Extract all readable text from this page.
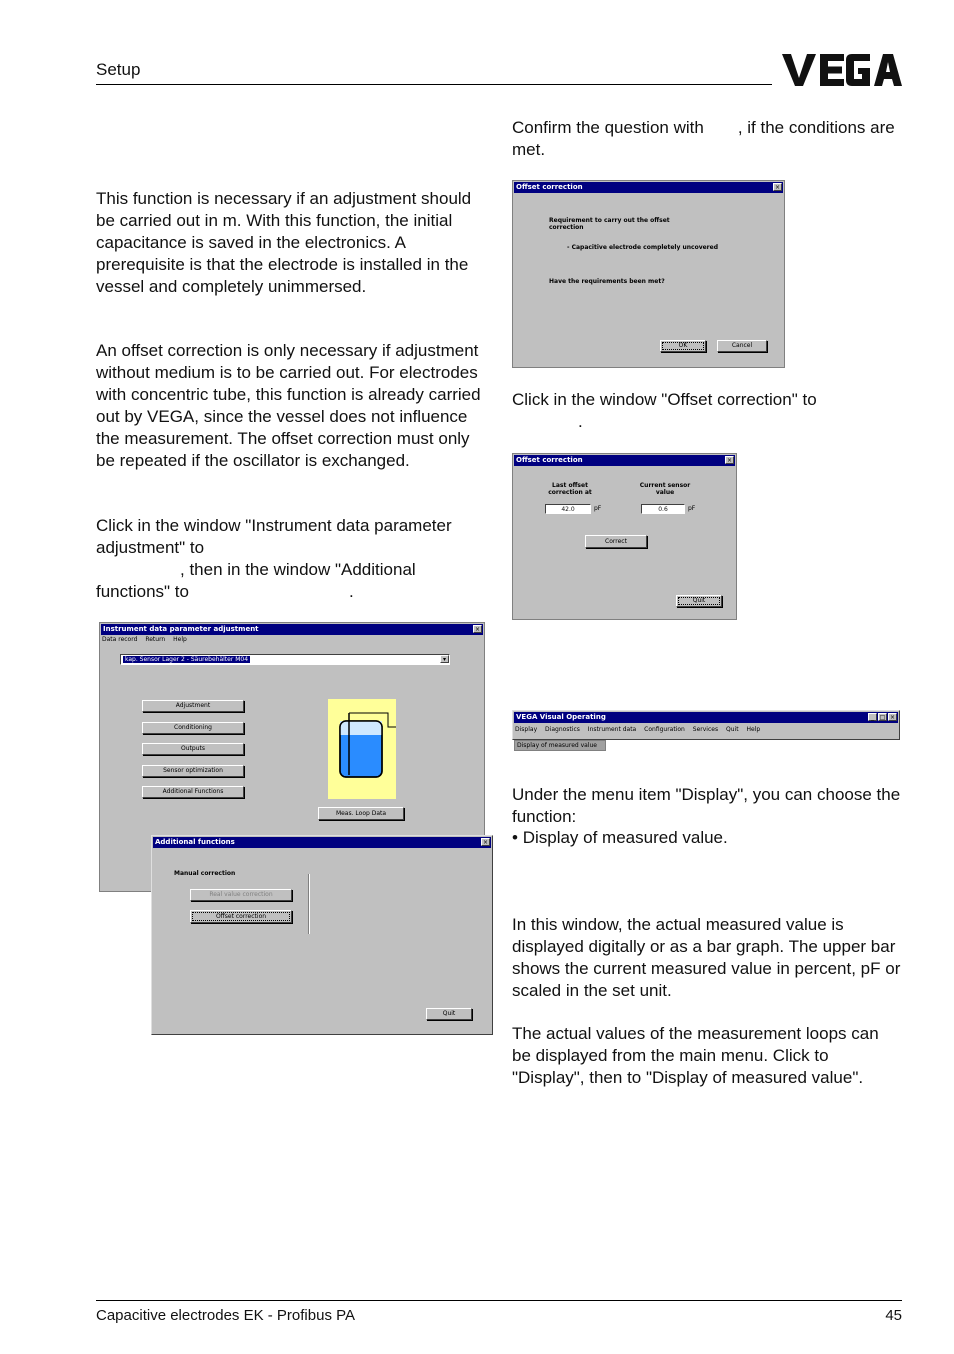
Setup

This function is necessary if an adjustment should be carried out in m. With this function, the initial capacitance is saved in the electronics. A prerequisite is that the electrode is installed in the vessel and completely unimmersed.

An offset correction is only necessary if adjustment without medium is to be carried out. For electrodes with concentric tube, this function is already carried out by VEGA, since the vessel does not influence the measurement. The offset correction must only be repeated if the oscillator is exchanged.

Click in the window "Instrument data parameter adjustment" to
, then in the window "Additional functions" to	.

Instrument data parameter adjustment	×
Data record Return Help
kap. Sensor Lager 2 - Säurebehälter M04	▾
Adjustment
Conditioning
Outputs
Sensor optimization
Additional Functions
Meas. Loop Data
Additional functions	×
Manual correction
Real value correction
Offset correction
Quit

Confirm the question with , if the conditions are met.

Offset correction	×
Requirement to carry out the offset correction
- Capacitive electrode completely uncovered
Have the requirements been met?
OK	Cancel

Click in the window "Offset correction" to
.

Offset correction	×
Last offset correction at
Current sensor value
42.0	pF	0.6	pF
Correct
Quit
VEGA Visual Operating	_ □ ×
Display Diagnostics Instrument data Configuration Services Quit Help
Display of measured value

Under the menu item "Display", you can choose the function:

• Display of measured value.

In this window, the actual measured value is displayed digitally or as a bar graph. The upper bar shows the current measured value in percent, pF or scaled in the set unit.

The actual values of the measurement loops can be displayed from the main menu. Click to "Display", then to "Display of measured value".

Capacitive electrodes EK - Profibus PA	45
